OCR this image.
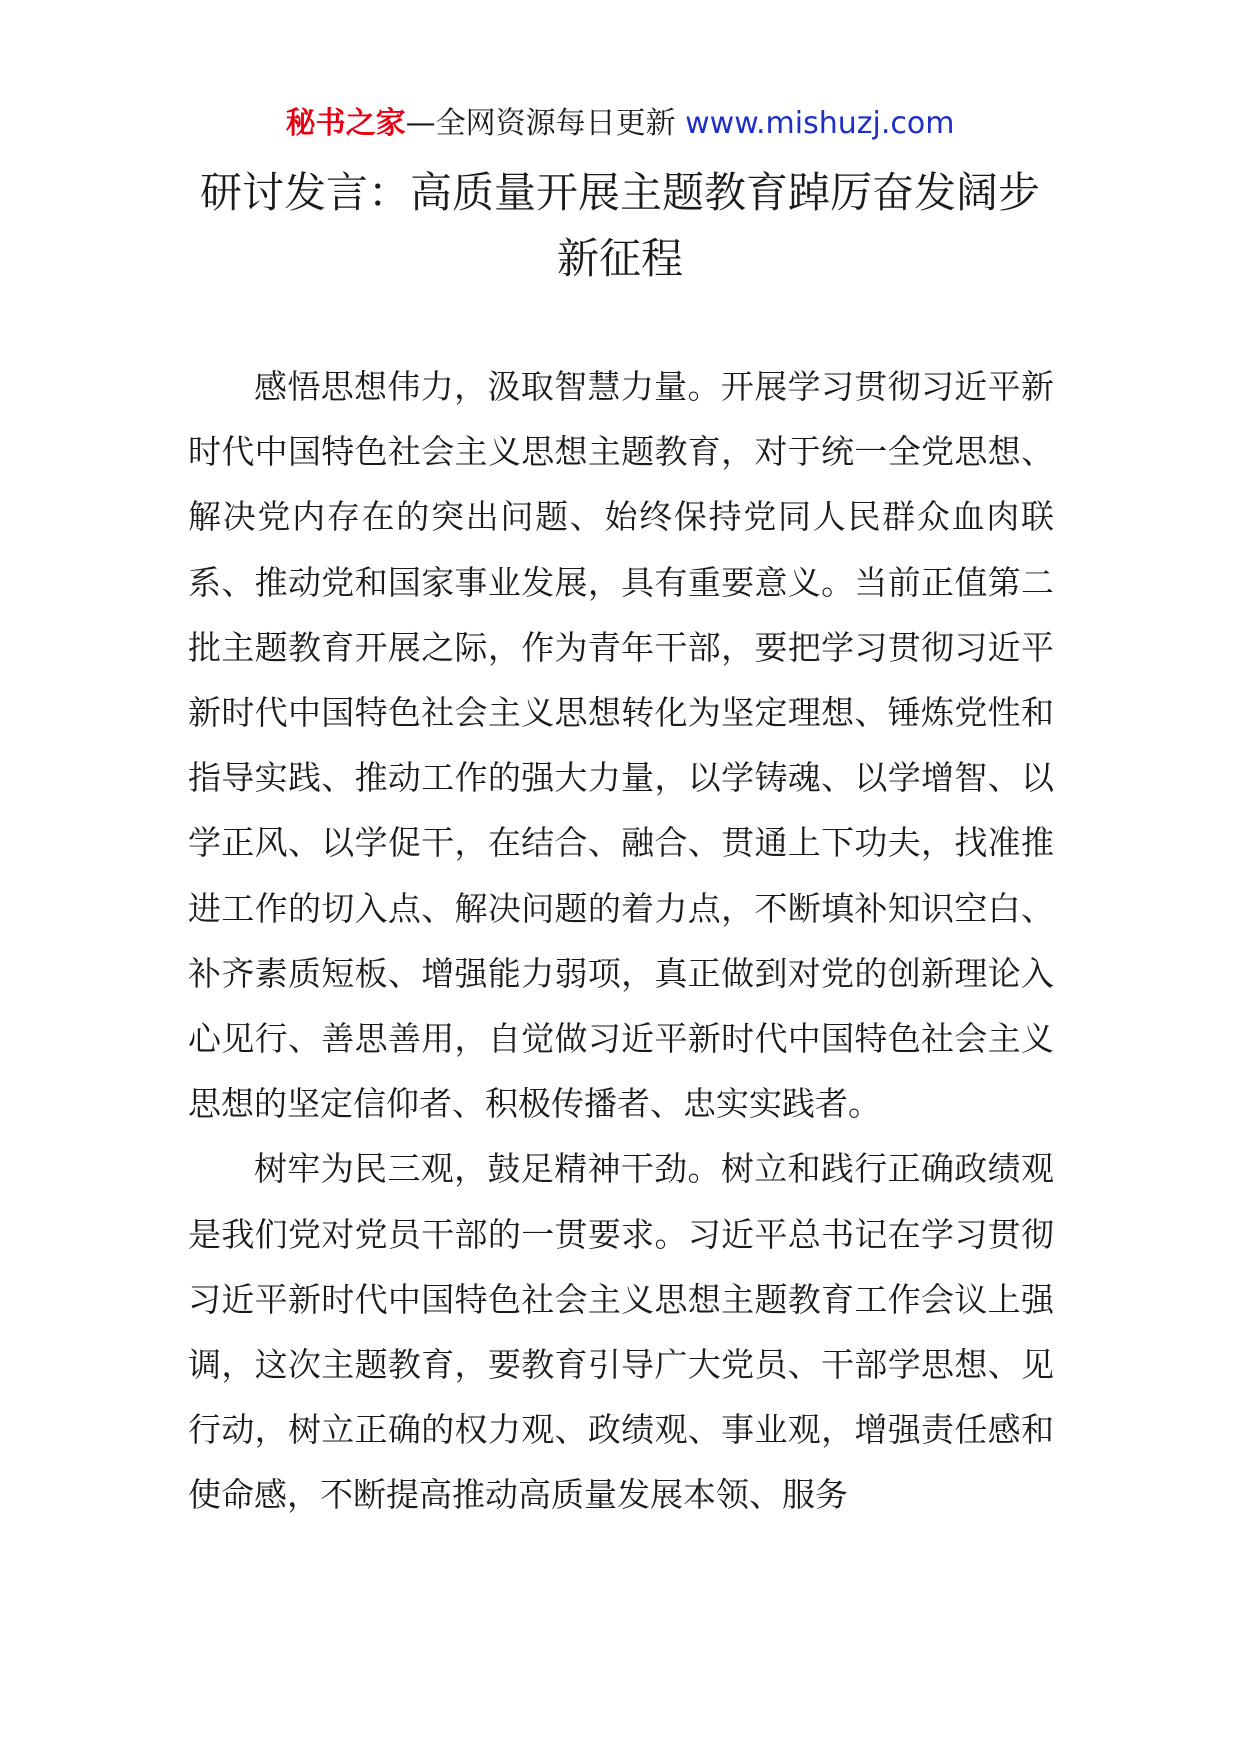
秘书之家—全网资源每日更新 www.mishuzj.com
研讨发言：高质量开展主题教育踔厉奋发阔步
新征程

感悟思想伟力，汲取智慧力量。开展学习贯彻习近平新时代中国特色社会主义思想主题教育，对于统一全党思想、解决党内存在的突出问题、始终保持党同人民群众血肉联系、推动党和国家事业发展，具有重要意义。当前正值第二批主题教育开展之际，作为青年干部，要把学习贯彻习近平新时代中国特色社会主义思想转化为坚定理想、锤炼党性和指导实践、推动工作的强大力量，以学铸魂、以学增智、以学正风、以学促干，在结合、融合、贯通上下功夫，找准推进工作的切入点、解决问题的着力点，不断填补知识空白、补齐素质短板、增强能力弱项，真正做到对党的创新理论入心见行、善思善用，自觉做习近平新时代中国特色社会主义思想的坚定信仰者、积极传播者、忠实实践者。

树牢为民三观，鼓足精神干劲。树立和践行正确政绩观是我们党对党员干部的一贯要求。习近平总书记在学习贯彻习近平新时代中国特色社会主义思想主题教育工作会议上强调，这次主题教育，要教育引导广大党员、干部学思想、见行动，树立正确的权力观、政绩观、事业观，增强责任感和使命感，不断提高推动高质量发展本领、服务
